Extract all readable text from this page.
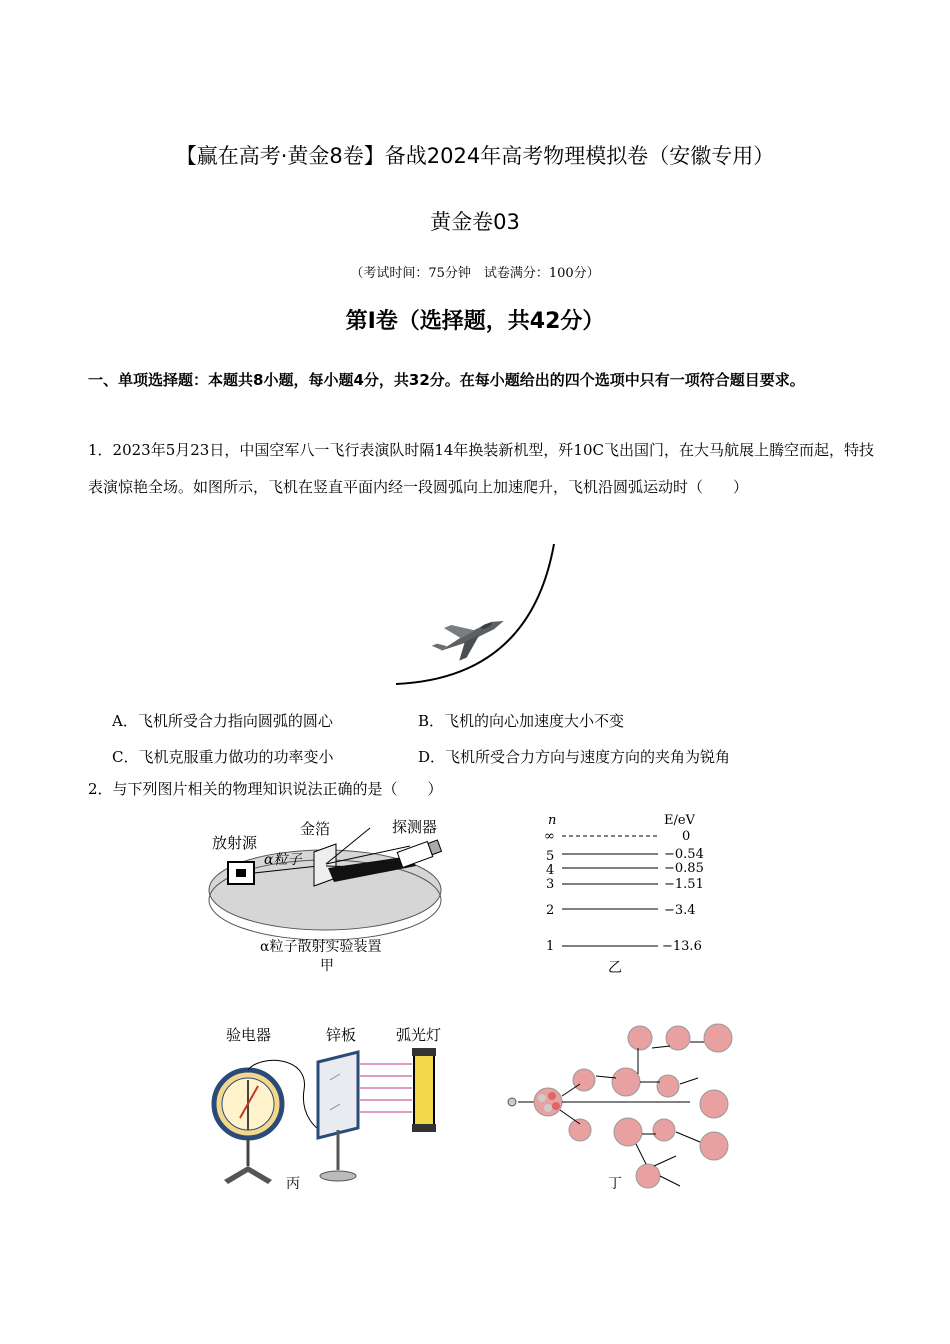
【赢在高考·黄金8卷】备战2024年高考物理模拟卷（安徽专用）
黄金卷03
（考试时间：75分钟　试卷满分：100分）
第Ⅰ卷（选择题，共42分）
一、单项选择题：本题共8小题，每小题4分，共32分。在每小题给出的四个选项中只有一项符合题目要求。
1．2023年5月23日，中国空军八一飞行表演队时隔14年换装新机型，歼10C飞出国门，在大马航展上腾空而起，特技表演惊艳全场。如图所示，飞机在竖直平面内经一段圆弧向上加速爬升，飞机沿圆弧运动时（　　）
A．飞机所受合力指向圆弧的圆心	B．飞机的向心加速度大小不变
C．飞机克服重力做功的功率变小	D．飞机所受合力方向与速度方向的夹角为锐角
2．与下列图片相关的物理知识说法正确的是（　　）
放射源
金箔	探测器
α粒子
α粒子散射实验装置
甲
n	E/eV
∞	0
5	−0.54
4	−0.85
3	−1.51
2	−3.4
1	−13.6
乙
验电器	锌板	弧光灯
丙	丁
